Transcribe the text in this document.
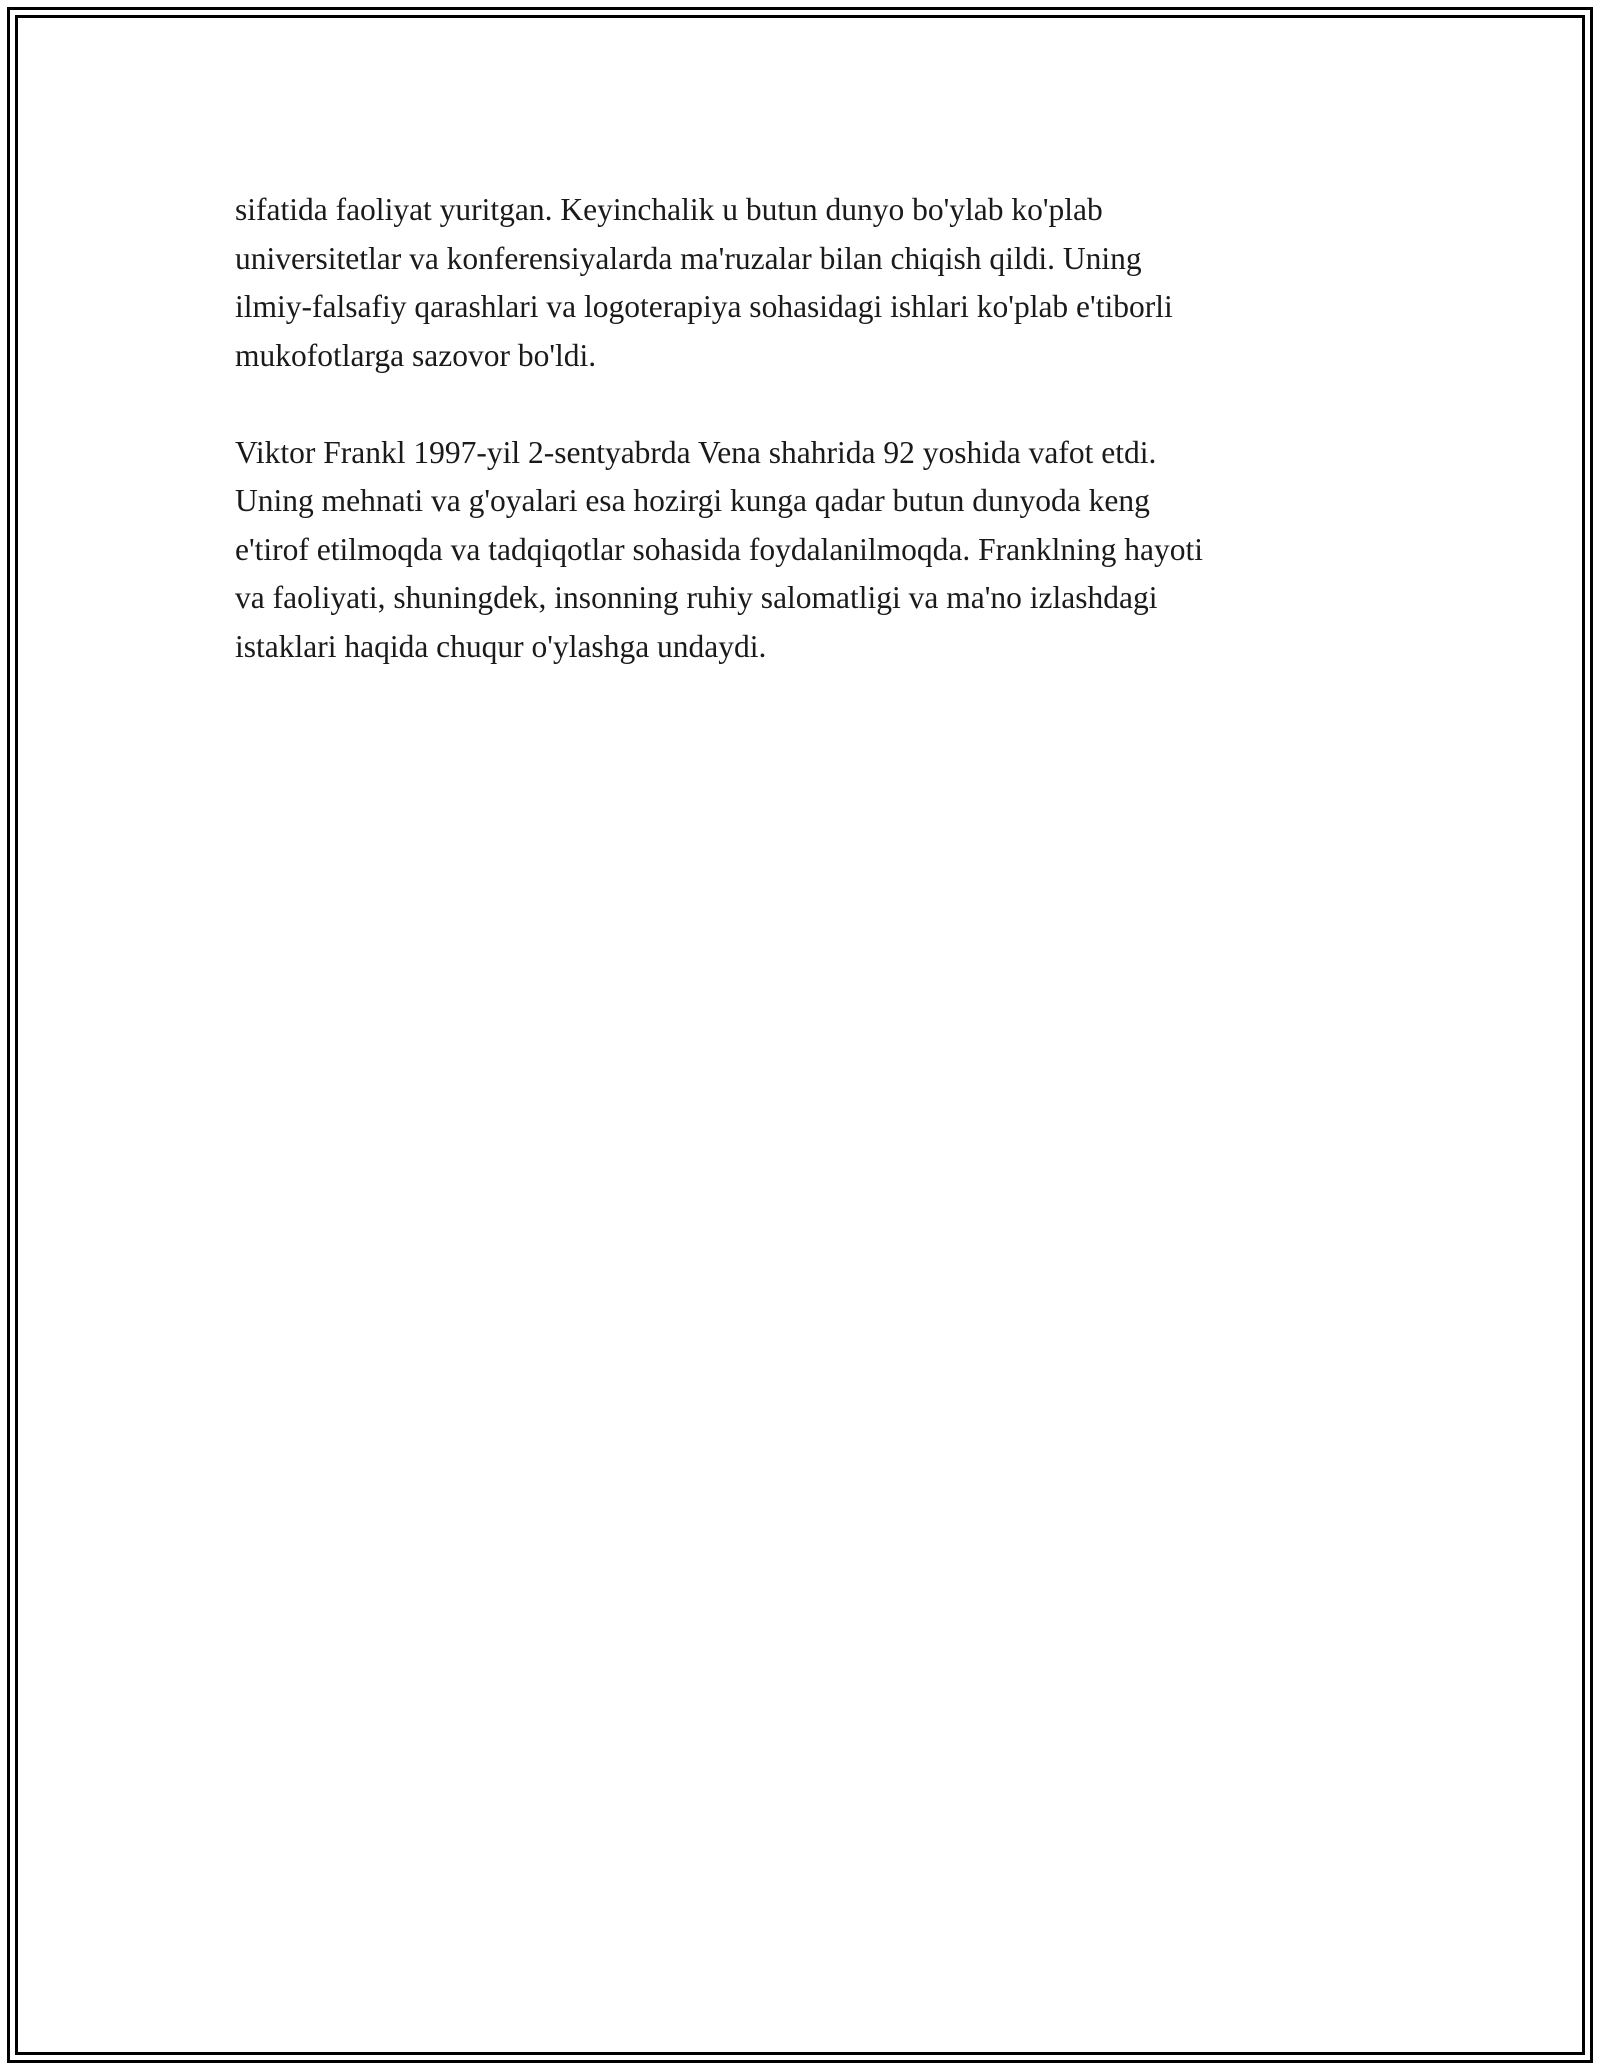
sifatida faoliyat yuritgan. Keyinchalik u butun dunyo bo'ylab ko'plab
universitetlar va konferensiyalarda ma'ruzalar bilan chiqish qildi. Uning
ilmiy-falsafiy qarashlari va logoterapiya sohasidagi ishlari ko'plab e'tiborli
mukofotlarga sazovor bo'ldi.

Viktor Frankl 1997-yil 2-sentyabrda Vena shahrida 92 yoshida vafot etdi.
Uning mehnati va g'oyalari esa hozirgi kunga qadar butun dunyoda keng
e'tirof etilmoqda va tadqiqotlar sohasida foydalanilmoqda. Franklning hayoti
va faoliyati, shuningdek, insonning ruhiy salomatligi va ma'no izlashdagi
istaklari haqida chuqur o'ylashga undaydi.
